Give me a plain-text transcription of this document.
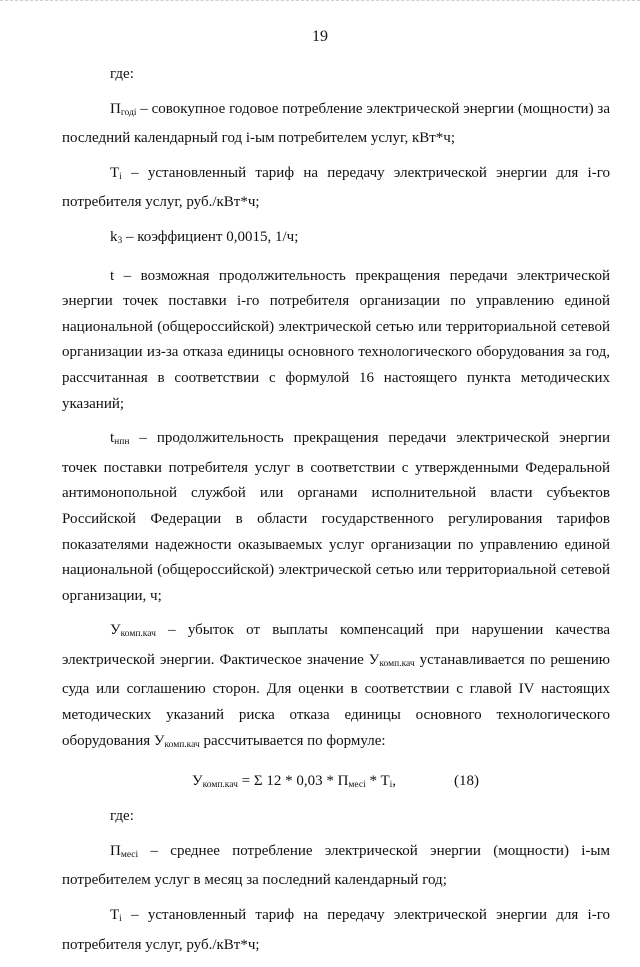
19

где:

$П_{годi}$ – совокупное годовое потребление электрической энергии (мощности) за последний календарный год i-ым потребителем услуг, кВт*ч;

$T_i$ – установленный тариф на передачу электрической энергии для i-го потребителя услуг, руб./кВт*ч;

$k_3$ – коэффициент 0,0015, 1/ч;

t – возможная продолжительность прекращения передачи электрической энергии точек поставки i-го потребителя организации по управлению единой национальной (общероссийской) электрической сетью или территориальной сетевой организации из-за отказа единицы основного технологического оборудования за год, рассчитанная в соответствии с формулой 16 настоящего пункта методических указаний;

$t_{нпн}$ – продолжительность прекращения передачи электрической энергии точек поставки потребителя услуг в соответствии с утвержденными Федеральной антимонопольной службой или органами исполнительной власти субъектов Российской Федерации в области государственного регулирования тарифов показателями надежности оказываемых услуг организации по управлению единой национальной (общероссийской) электрической сетью или территориальной сетевой организации, ч;

$У_{комп.кач}$ – убыток от выплаты компенсаций при нарушении качества электрической энергии. Фактическое значение $У_{комп.кач}$ устанавливается по решению суда или соглашению сторон. Для оценки в соответствии с главой IV настоящих методических указаний риска отказа единицы основного технологического оборудования $У_{комп.кач}$ рассчитывается по формуле:

$У_{комп.кач} = \Sigma$ $12 * 0,03 * П_{месi} * T_i$,	(18)

где:

$П_{месi}$ – среднее потребление электрической энергии (мощности) i-ым потребителем услуг в месяц за последний календарный год;

$T_i$ – установленный тариф на передачу электрической энергии для i-го потребителя услуг, руб./кВт*ч;
